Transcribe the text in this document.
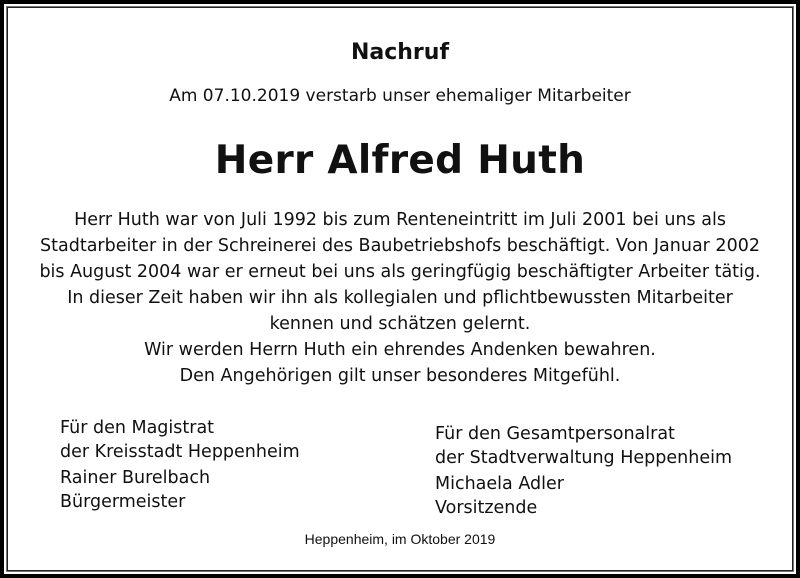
Nachruf
Am 07.10.2019 verstarb unser ehemaliger Mitarbeiter
Herr Alfred Huth
Herr Huth war von Juli 1992 bis zum Renteneintritt im Juli 2001 bei uns als
Stadtarbeiter in der Schreinerei des Baubetriebshofs beschäftigt. Von Januar 2002
bis August 2004 war er erneut bei uns als geringfügig beschäftigter Arbeiter tätig.
In dieser Zeit haben wir ihn als kollegialen und pflichtbewussten Mitarbeiter
kennen und schätzen gelernt.
Wir werden Herrn Huth ein ehrendes Andenken bewahren.
Den Angehörigen gilt unser besonderes Mitgefühl.
Für den Magistrat
der Kreisstadt Heppenheim
Rainer Burelbach
Bürgermeister
Für den Gesamtpersonalrat
der Stadtverwaltung Heppenheim
Michaela Adler
Vorsitzende
Heppenheim, im Oktober 2019
